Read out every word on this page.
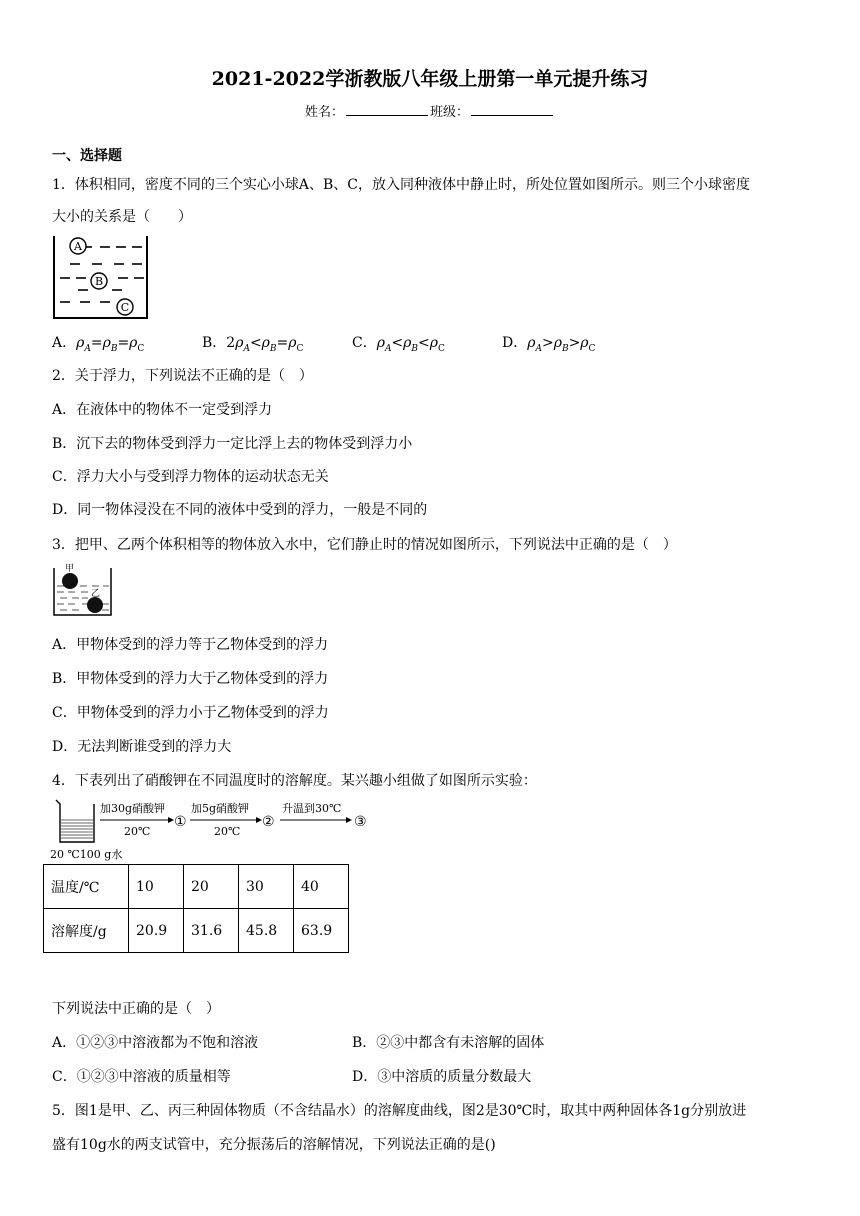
2021-2022学浙教版八年级上册第一单元提升练习
姓名：	班级：
一、选择题
1．体积相同，密度不同的三个实心小球A、B、C，放入同种液体中静止时，所处位置如图所示。则三个小球密度
大小的关系是（　　）
A
B
C
A．$\rho_A=\rho_B=\rho_C$	B．$2\rho_A<\rho_B=\rho_C$	C．$\rho_A<\rho_B<\rho_C$	D．$\rho_A>\rho_B>\rho_C$
2．关于浮力，下列说法不正确的是（　）
A．在液体中的物体不一定受到浮力
B．沉下去的物体受到浮力一定比浮上去的物体受到浮力小
C．浮力大小与受到浮力物体的运动状态无关
D．同一物体浸没在不同的液体中受到的浮力，一般是不同的
3．把甲、乙两个体积相等的物体放入水中，它们静止时的情况如图所示，下列说法中正确的是（　）
甲
乙
A．甲物体受到的浮力等于乙物体受到的浮力
B．甲物体受到的浮力大于乙物体受到的浮力
C．甲物体受到的浮力小于乙物体受到的浮力
D．无法判断谁受到的浮力大
4．下表列出了硝酸钾在不同温度时的溶解度。某兴趣小组做了如图所示实验：
20 ℃100 g水
加30g硝酸钾
20℃
①
加5g硝酸钾
20℃
②
升温到30℃
③
温度/℃	10	20	30	40
溶解度/g	20.9	31.6	45.8	63.9
下列说法中正确的是（　）
A．①②③中溶液都为不饱和溶液	B．②③中都含有未溶解的固体
C．①②③中溶液的质量相等	D．③中溶质的质量分数最大
5．图1是甲、乙、丙三种固体物质（不含结晶水）的溶解度曲线，图2是30℃时，取其中两种固体各1g分别放进
盛有10g水的两支试管中，充分振荡后的溶解情况，下列说法正确的是()
